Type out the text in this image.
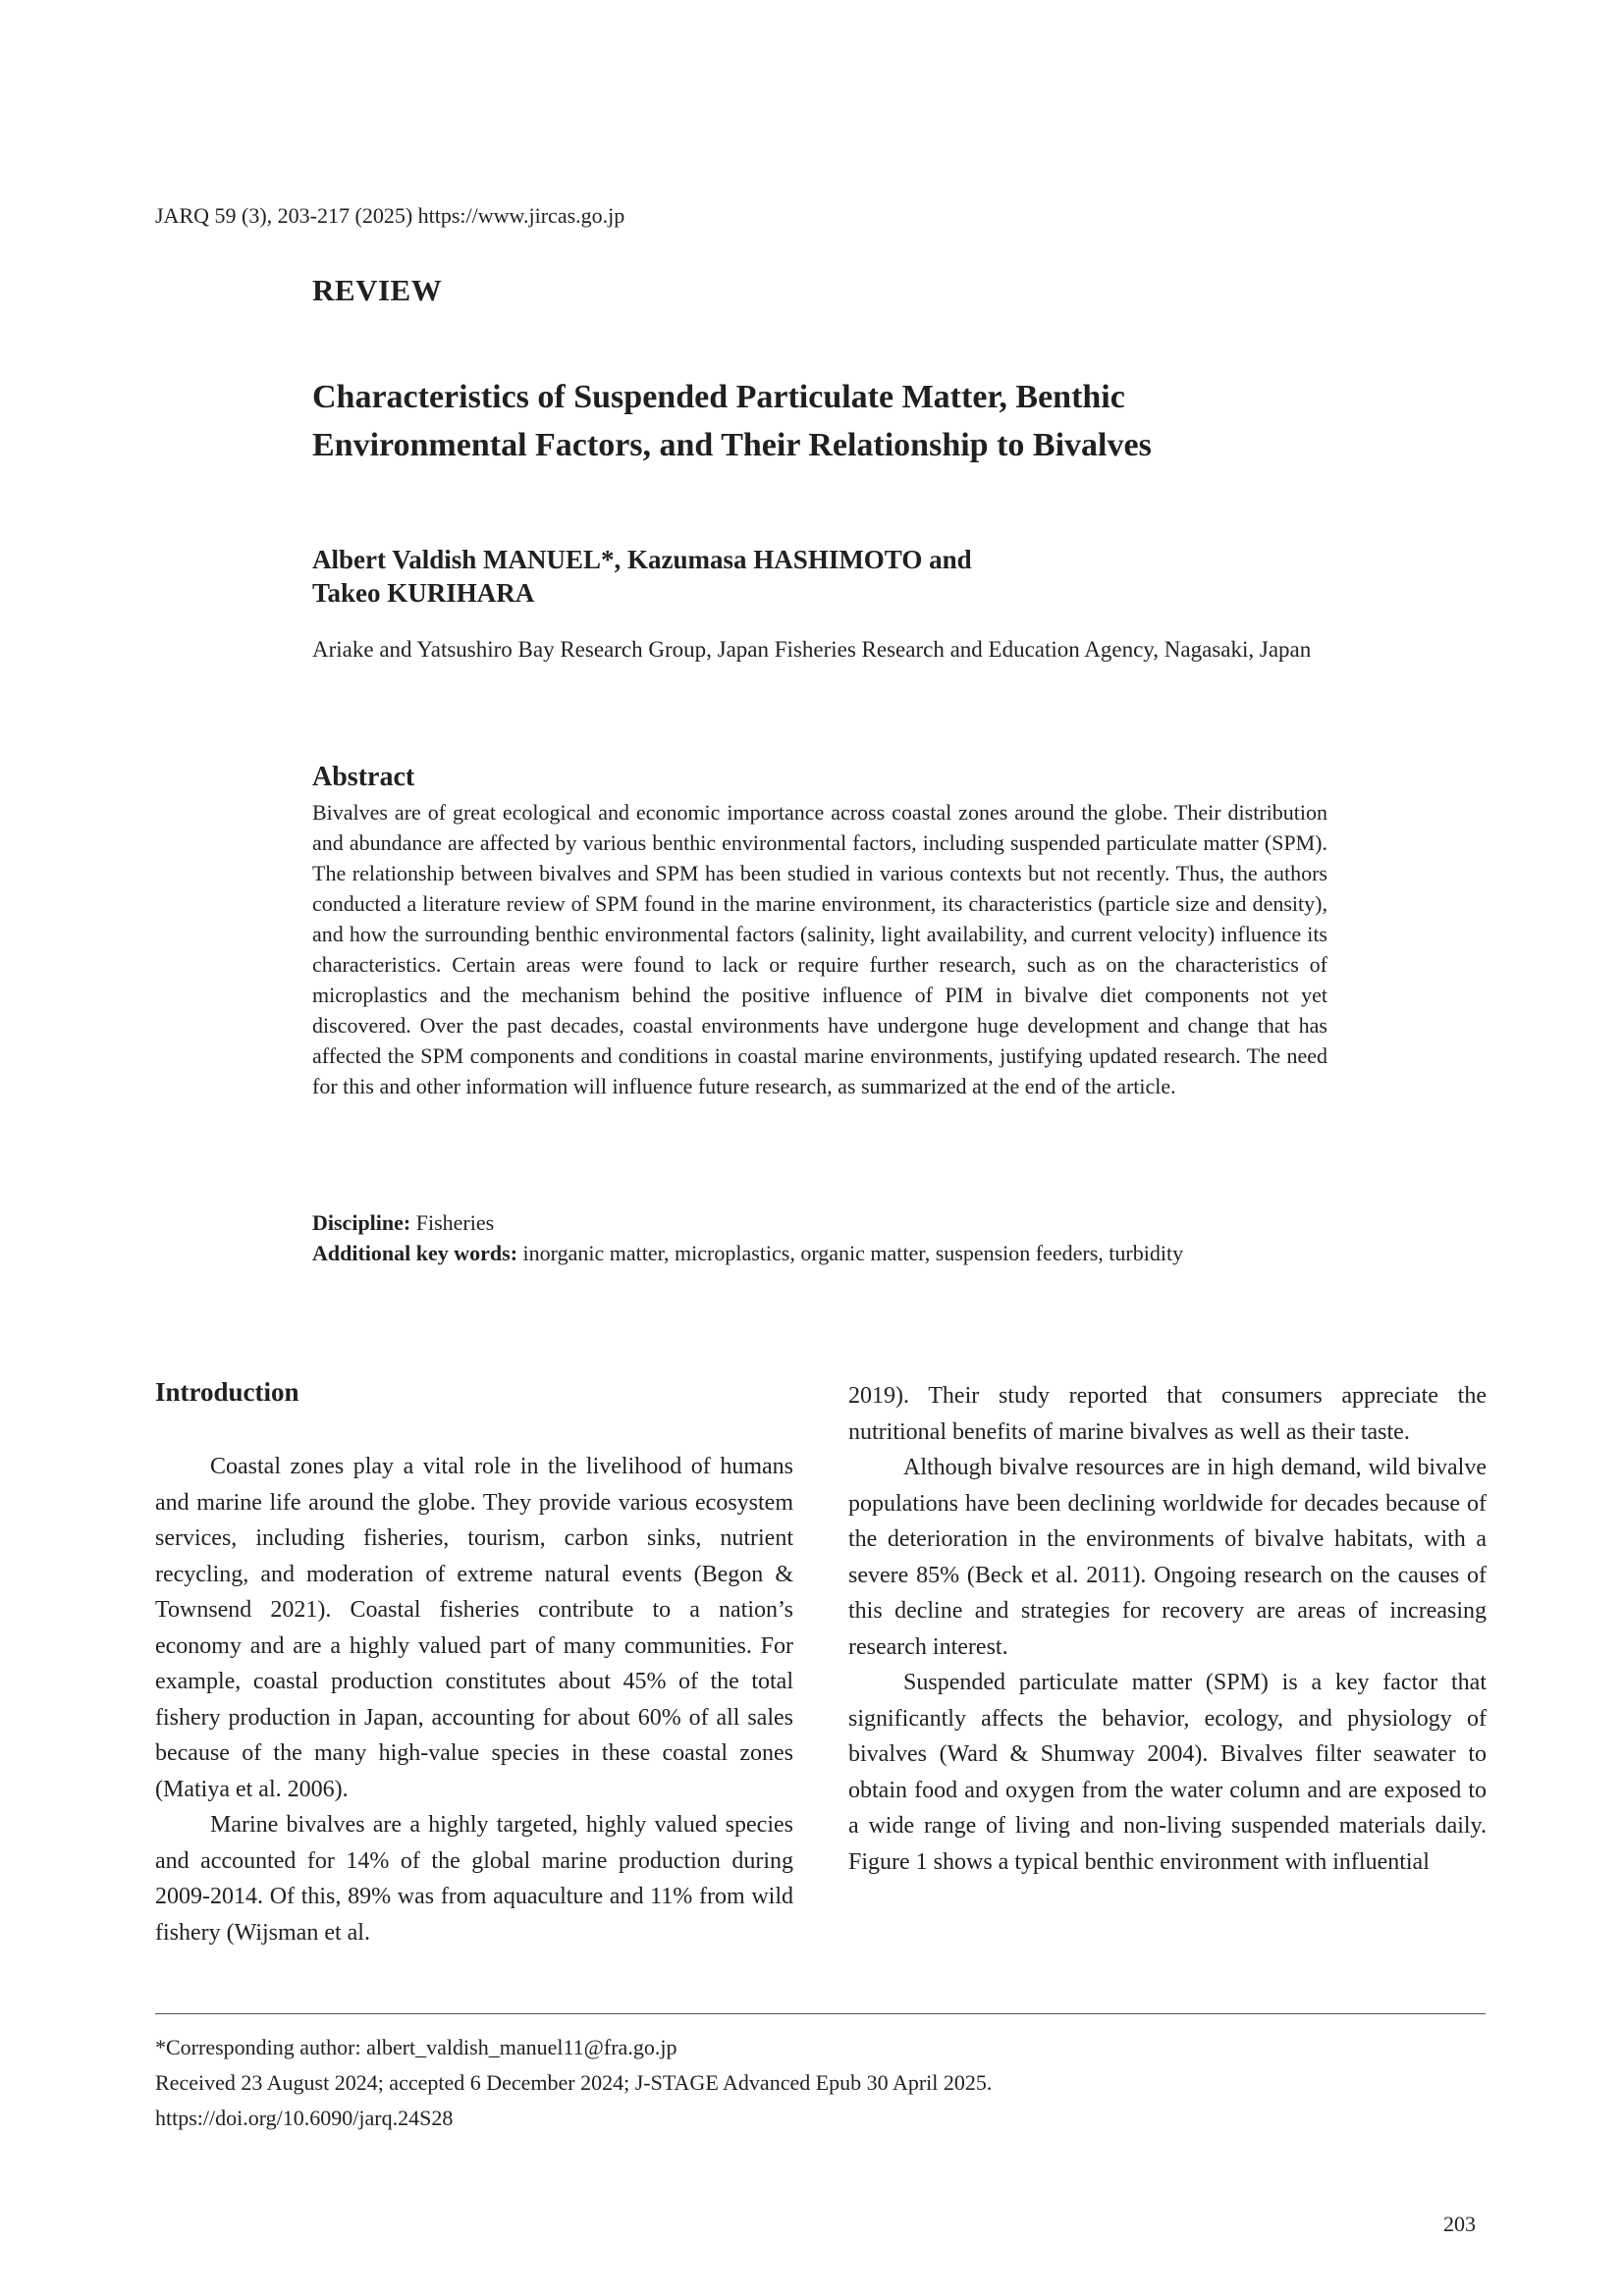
JARQ 59 (3), 203-217 (2025) https://www.jircas.go.jp
REVIEW
Characteristics of Suspended Particulate Matter, Benthic
Environmental Factors, and Their Relationship to Bivalves
Albert Valdish MANUEL*, Kazumasa HASHIMOTO and
Takeo KURIHARA
Ariake and Yatsushiro Bay Research Group, Japan Fisheries Research and Education Agency, Nagasaki, Japan
Abstract
Bivalves are of great ecological and economic importance across coastal zones around the globe. Their distribution and abundance are affected by various benthic environmental factors, including suspended particulate matter (SPM). The relationship between bivalves and SPM has been studied in various contexts but not recently. Thus, the authors conducted a literature review of SPM found in the marine environment, its characteristics (particle size and density), and how the surrounding benthic environmental factors (salinity, light availability, and current velocity) influence its characteristics. Certain areas were found to lack or require further research, such as on the characteristics of microplastics and the mechanism behind the positive influence of PIM in bivalve diet components not yet discovered. Over the past decades, coastal environments have undergone huge development and change that has affected the SPM components and conditions in coastal marine environments, justifying updated research. The need for this and other information will influence future research, as summarized at the end of the article.
Discipline: Fisheries
Additional key words: inorganic matter, microplastics, organic matter, suspension feeders, turbidity
Introduction

Coastal zones play a vital role in the livelihood of humans and marine life around the globe. They provide various ecosystem services, including fisheries, tourism, carbon sinks, nutrient recycling, and moderation of extreme natural events (Begon & Townsend 2021). Coastal fisheries contribute to a nation’s economy and are a highly valued part of many communities. For example, coastal production constitutes about 45% of the total fishery production in Japan, accounting for about 60% of all sales because of the many high-value species in these coastal zones (Matiya et al. 2006).

Marine bivalves are a highly targeted, highly valued species and accounted for 14% of the global marine production during 2009-2014. Of this, 89% was from aquaculture and 11% from wild fishery (Wijsman et al.

2019). Their study reported that consumers appreciate the nutritional benefits of marine bivalves as well as their taste.

Although bivalve resources are in high demand, wild bivalve populations have been declining worldwide for decades because of the deterioration in the environments of bivalve habitats, with a severe 85% (Beck et al. 2011). Ongoing research on the causes of this decline and strategies for recovery are areas of increasing research interest.

Suspended particulate matter (SPM) is a key factor that significantly affects the behavior, ecology, and physiology of bivalves (Ward & Shumway 2004). Bivalves filter seawater to obtain food and oxygen from the water column and are exposed to a wide range of living and non-living suspended materials daily. Figure 1 shows a typical benthic environment with influential

*Corresponding author: albert_valdish_manuel11@fra.go.jp
Received 23 August 2024; accepted 6 December 2024; J-STAGE Advanced Epub 30 April 2025.
https://doi.org/10.6090/jarq.24S28
203
